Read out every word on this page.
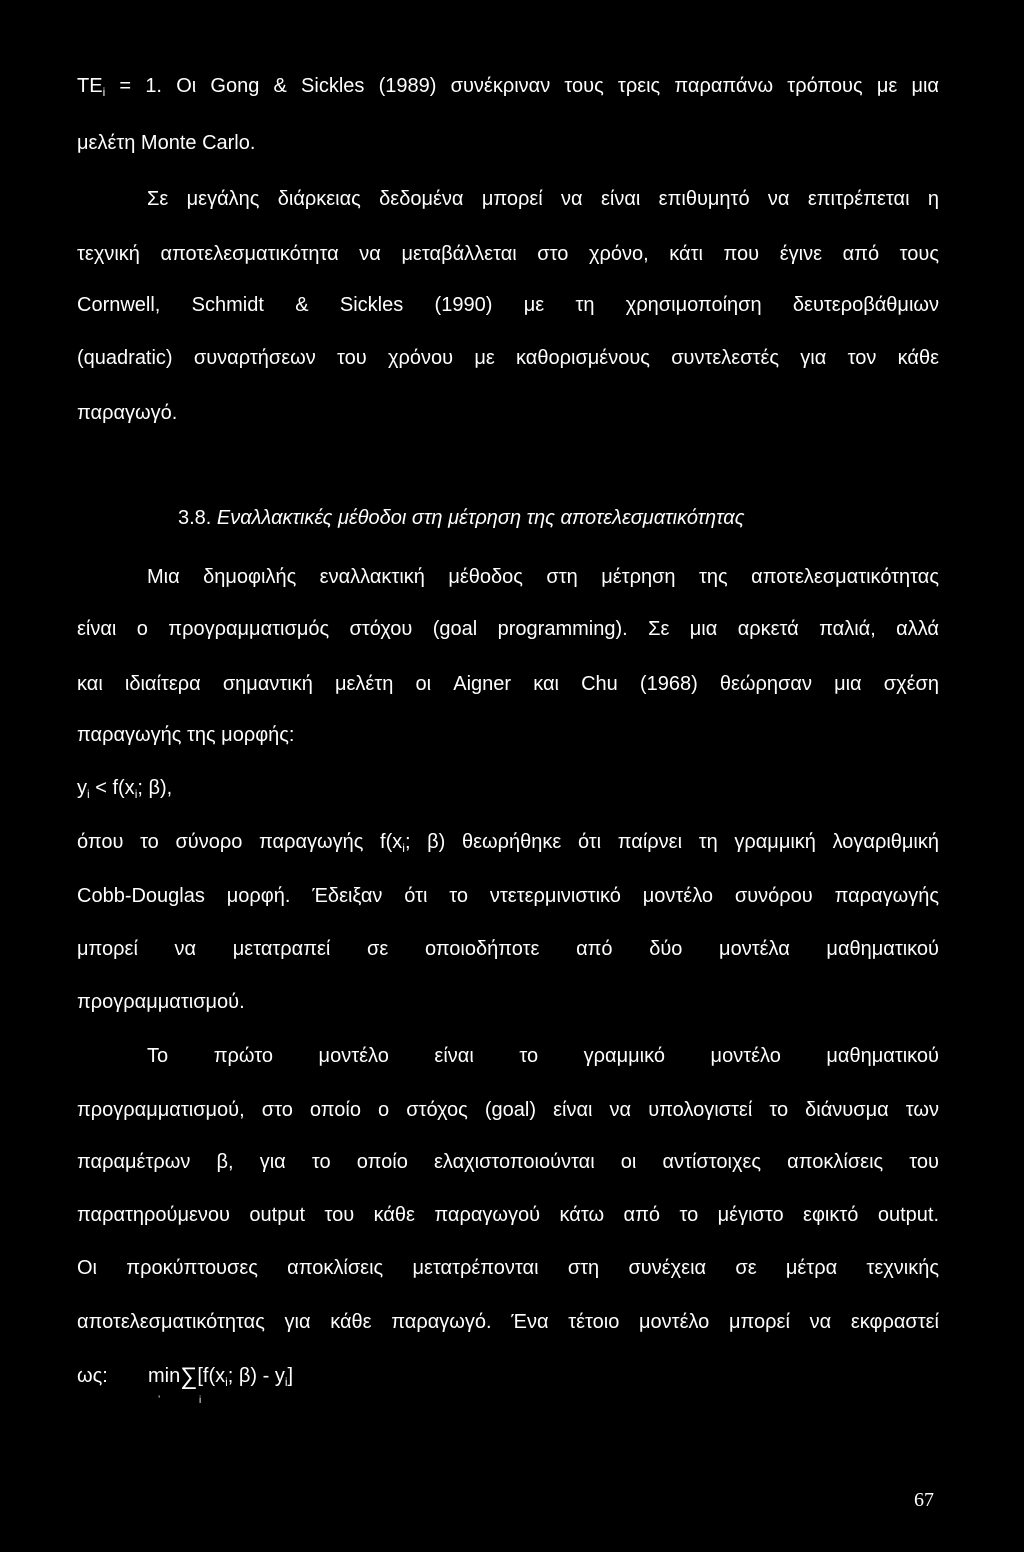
$TE_i = 1$. Οι Gong & Sickles (1989) συνέκριναν τους τρεις παραπάνω τρόπους με μια
μελέτη Monte Carlo.
Σε μεγάλης διάρκειας δεδομένα μπορεί να είναι επιθυμητό να επιτρέπεται η
τεχνική αποτελεσματικότητα να μεταβάλλεται στο χρόνο, κάτι που έγινε από τους
Cornwell, Schmidt & Sickles (1990) με τη χρησιμοποίηση δευτεροβάθμιων
(quadratic) συναρτήσεων του χρόνου με καθορισμένους συντελεστές για τον κάθε
παραγωγό.
3.8. Εναλλακτικές μέθοδοι στη μέτρηση της αποτελεσματικότητας
Μια δημοφιλής εναλλακτική μέθοδος στη μέτρηση της αποτελεσματικότητας
είναι ο προγραμματισμός στόχου (goal programming). Σε μια αρκετά παλιά, αλλά
και ιδιαίτερα σημαντική μελέτη οι Aigner και Chu (1968) θεώρησαν μια σχέση
παραγωγής της μορφής:
$y_i < f(x_i$; β),
όπου το σύνορο παραγωγής $f(x_i$; β) θεωρήθηκε ότι παίρνει τη γραμμική λογαριθμική
Cobb-Douglas μορφή. Έδειξαν ότι το ντετερμινιστικό μοντέλο συνόρου παραγωγής
μπορεί να μετατραπεί σε οποιοδήποτε από δύο μοντέλα μαθηματικού
προγραμματισμού.
Το πρώτο μοντέλο είναι το γραμμικό μοντέλο μαθηματικού
προγραμματισμού, στο οποίο ο στόχος (goal) είναι να υπολογιστεί το διάνυσμα των
παραμέτρων β, για το οποίο ελαχιστοποιούνται οι αντίστοιχες αποκλίσεις του
παρατηρούμενου output του κάθε παραγωγού κάτω από το μέγιστο εφικτό output.
Οι προκύπτουσες αποκλίσεις μετατρέπονται στη συνέχεια σε μέτρα τεχνικής
αποτελεσματικότητας για κάθε παραγωγό. Ένα τέτοιο μοντέλο μπορεί να εκφραστεί
ως: $\min\sum[f(x_i$; $\beta) - y_i$]
ʼ	i
67
